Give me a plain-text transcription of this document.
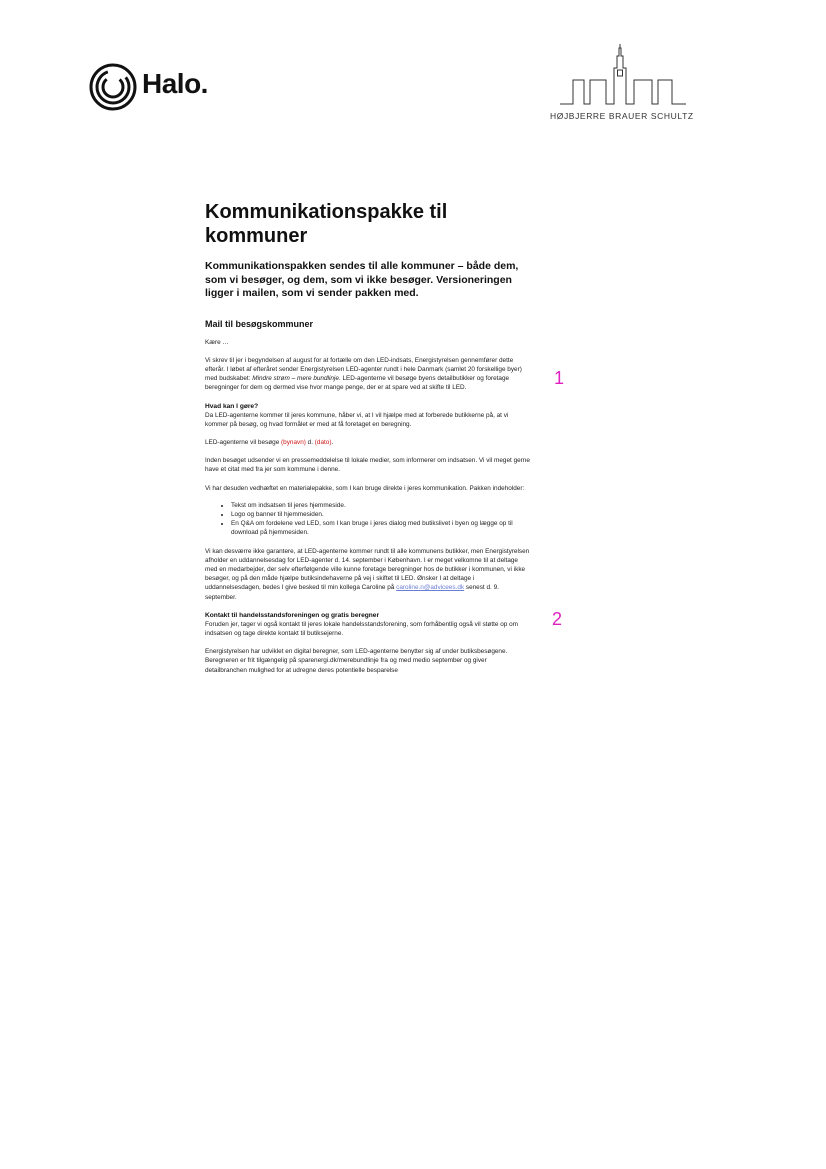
Halo.
HØJBJERRE BRAUER SCHULTZ
Kommunikationspakke til kommuner

Kommunikationspakken sendes til alle kommuner – både dem, som vi besøger, og dem, som vi ikke besøger. Versioneringen ligger i mailen, som vi sender pakken med.

Mail til besøgskommuner

Kære …

Vi skrev til jer i begyndelsen af august for at fortælle om den LED-indsats, Energistyrelsen gennemfører dette efterår. I løbet af efteråret sender Energistyrelsen LED-agenter rundt i hele Danmark (samlet 20 forskellige byer) med budskabet: Mindre strøm – mere bundlinje. LED-agenterne vil besøge byens detailbutikker og foretage beregninger for dem og dermed vise hvor mange penge, der er at spare ved at skifte til LED.

Hvad kan I gøre?

Da LED-agenterne kommer til jeres kommune, håber vi, at I vil hjælpe med at forberede butikkerne på, at vi kommer på besøg, og hvad formålet er med at få foretaget en beregning.

LED-agenterne vil besøge (bynavn) d. (dato).

Inden besøget udsender vi en pressemeddelelse til lokale medier, som informerer om indsatsen. Vi vil meget gerne have et citat med fra jer som kommune i denne.

Vi har desuden vedhæftet en materialepakke, som I kan bruge direkte i jeres kommunikation. Pakken indeholder:

• Tekst om indsatsen til jeres hjemmeside.
• Logo og banner til hjemmesiden.
• En Q&A om fordelene ved LED, som I kan bruge i jeres dialog med butikslivet i byen og lægge op til download på hjemmesiden.

Vi kan desværre ikke garantere, at LED-agenterne kommer rundt til alle kommunens butikker, men Energistyrelsen afholder en uddannelsesdag for LED-agenter d. 14. september i København. I er meget velkomne til at deltage med en medarbejder, der selv efterfølgende ville kunne foretage beregninger hos de butikker i kommunen, vi ikke besøger, og på den måde hjælpe butiksindehaverne på vej i skiftet til LED. Ønsker I at deltage i uddannelsesdagen, bedes I give besked til min kollega Caroline på caroline.n@advicees.dk senest d. 9. september.

Kontakt til handelsstandsforeningen og gratis beregner

Foruden jer, tager vi også kontakt til jeres lokale handelsstandsforening, som forhåbentlig også vil støtte op om indsatsen og tage direkte kontakt til butiksejerne.

Energistyrelsen har udviklet en digital beregner, som LED-agenterne benytter sig af under butiksbesøgene. Beregneren er frit tilgængelig på sparenergi.dk/merebundlinje fra og med medio september og giver detailbranchen mulighed for at udregne deres potentielle besparelse

1
2
